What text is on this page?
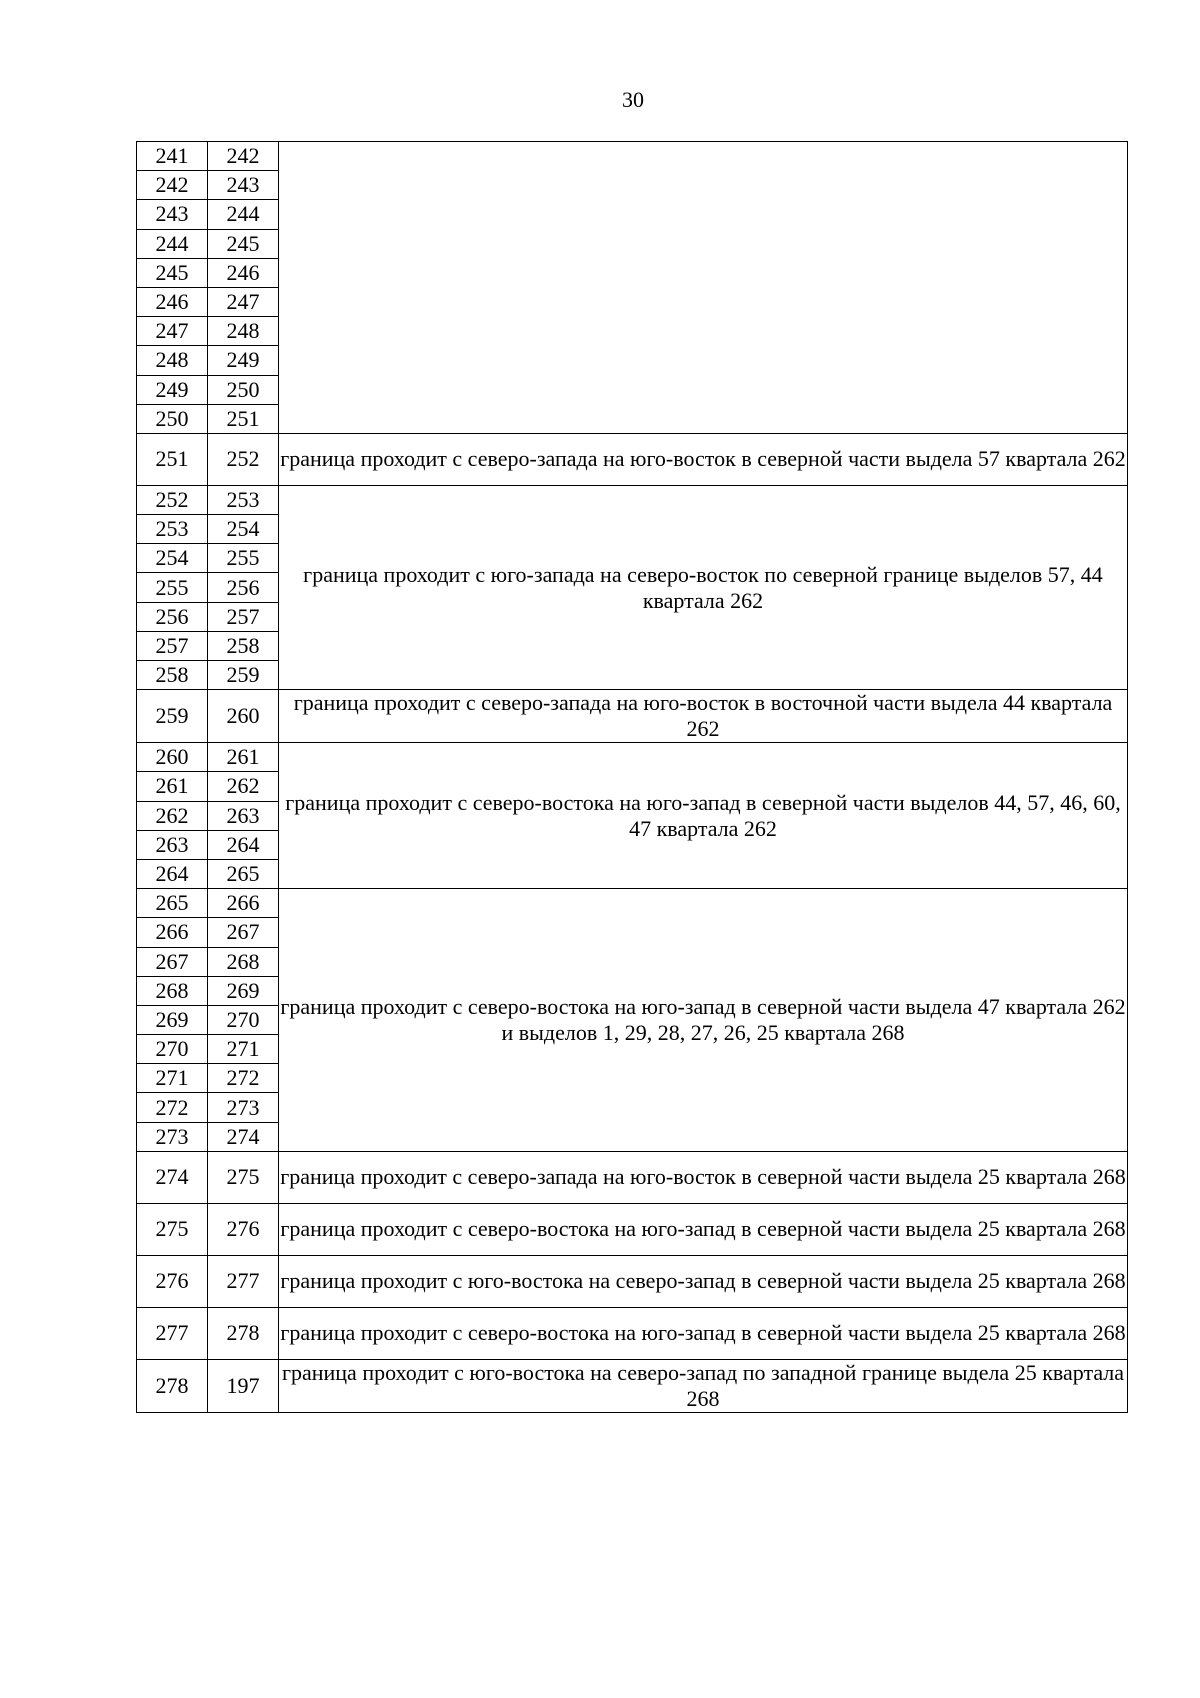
30
241	242	
242	243	
243	244	
244	245	
245	246	
246	247	
247	248	
248	249	
249	250	
250	251	
251	252	граница проходит с северо-запада на юго-восток в северной части выдела 57 квартала 262
252	253	граница проходит с юго-запада на северо-восток по северной границе выделов 57, 44 квартала 262
253	254	
254	255	
255	256	
256	257	
257	258	
258	259	
259	260	граница проходит с северо-запада на юго-восток в восточной части выдела 44 квартала 262
260	261	граница проходит с северо-востока на юго-запад в северной части выделов 44, 57, 46, 60, 47 квартала 262
261	262	
262	263	
263	264	
264	265	
265	266	граница проходит с северо-востока на юго-запад в северной части выдела 47 квартала 262 и выделов 1, 29, 28, 27, 26, 25 квартала 268
266	267	
267	268	
268	269	
269	270	
270	271	
271	272	
272	273	
273	274	
274	275	граница проходит с северо-запада на юго-восток в северной части выдела 25 квартала 268
275	276	граница проходит с северо-востока на юго-запад в северной части выдела 25 квартала 268
276	277	граница проходит с юго-востока на северо-запад в северной части выдела 25 квартала 268
277	278	граница проходит с северо-востока на юго-запад в северной части выдела 25 квартала 268
278	197	граница проходит с юго-востока на северо-запад по западной границе выдела 25 квартала 268
